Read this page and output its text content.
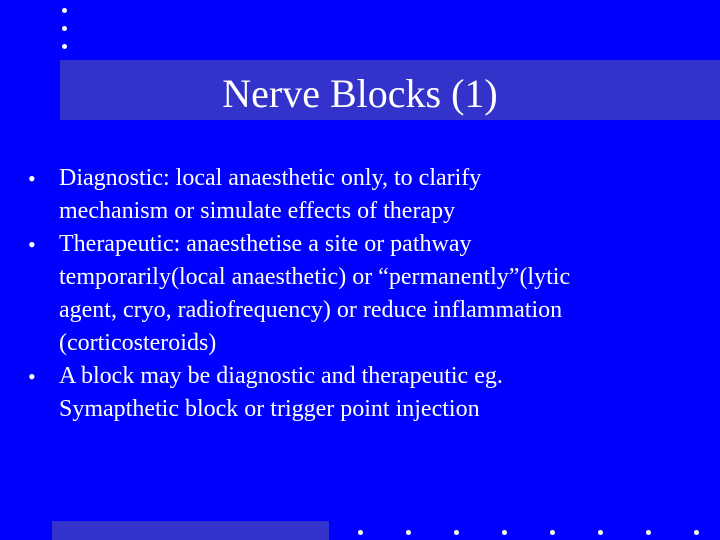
Nerve Blocks (1)
• Diagnostic: local anaesthetic only, to clarify
mechanism or simulate effects of therapy
• Therapeutic: anaesthetise a site or pathway
temporarily(local anaesthetic) or “permanently”(lytic
agent, cryo, radiofrequency) or reduce inflammation
(corticosteroids)
• A block may be diagnostic and therapeutic eg.
Symapthetic block or trigger point injection
